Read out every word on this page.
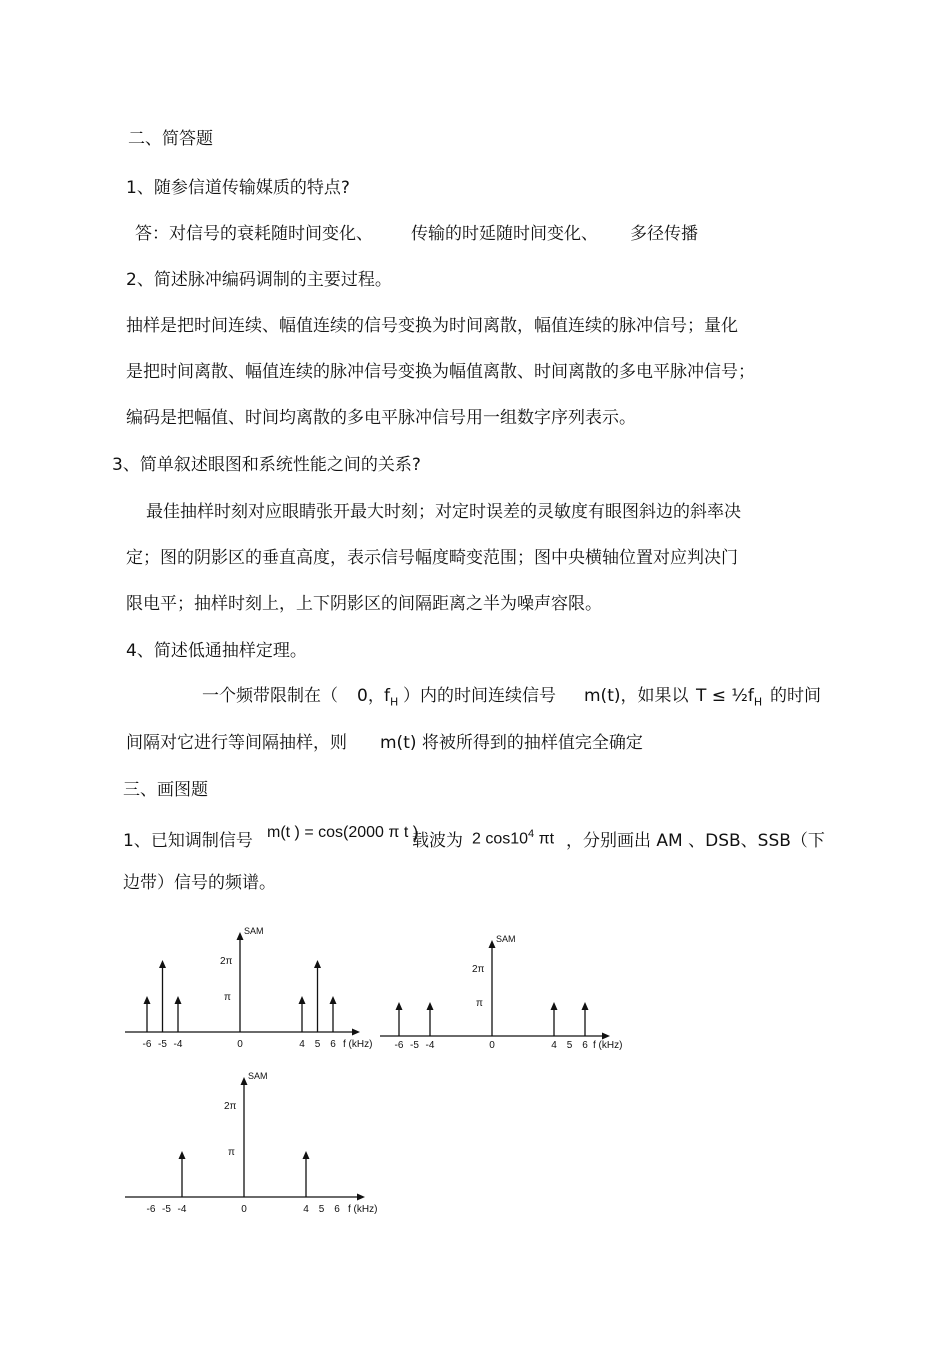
二、简答题
1、随参信道传输媒质的特点?
答：对信号的衰耗随时间变化、 传输的时延随时间变化、 多径传播
2、简述脉冲编码调制的主要过程。
抽样是把时间连续、幅值连续的信号变换为时间离散，幅值连续的脉冲信号；量化
是把时间离散、幅值连续的脉冲信号变换为幅值离散、时间离散的多电平脉冲信号；
编码是把幅值、时间均离散的多电平脉冲信号用一组数字序列表示。
3、简单叙述眼图和系统性能之间的关系?
最佳抽样时刻对应眼睛张开最大时刻；对定时误差的灵敏度有眼图斜边的斜率决
定；图的阴影区的垂直高度，表示信号幅度畸变范围；图中央横轴位置对应判决门
限电平；抽样时刻上，上下阴影区的间隔距离之半为噪声容限。
4、简述低通抽样定理。
一个频带限制在（ 0， $f_H$ ）内的时间连续信号 m(t)，如果以 $T \le \frac{1}{2}f_H$ 的时间
间隔对它进行等间隔抽样，则 m(t) 将被所得到的抽样值完全确定
三、画图题
1、已知调制信号 m(t ) = cos(2000 π t )
载波为 2 $\cos 10^4$ πt ，分别画出 AM 、DSB、SSB（下
边带）信号的频谱。
SAM
2π
π
-6 -5 -4	0	4 5 6 f (kHz)
SAM
2π
π
-6 -5 -4	0	4 5 6 f (kHz)
SAM
2π
π
-6 -5 -4	0	4 5 6 f (kHz)
